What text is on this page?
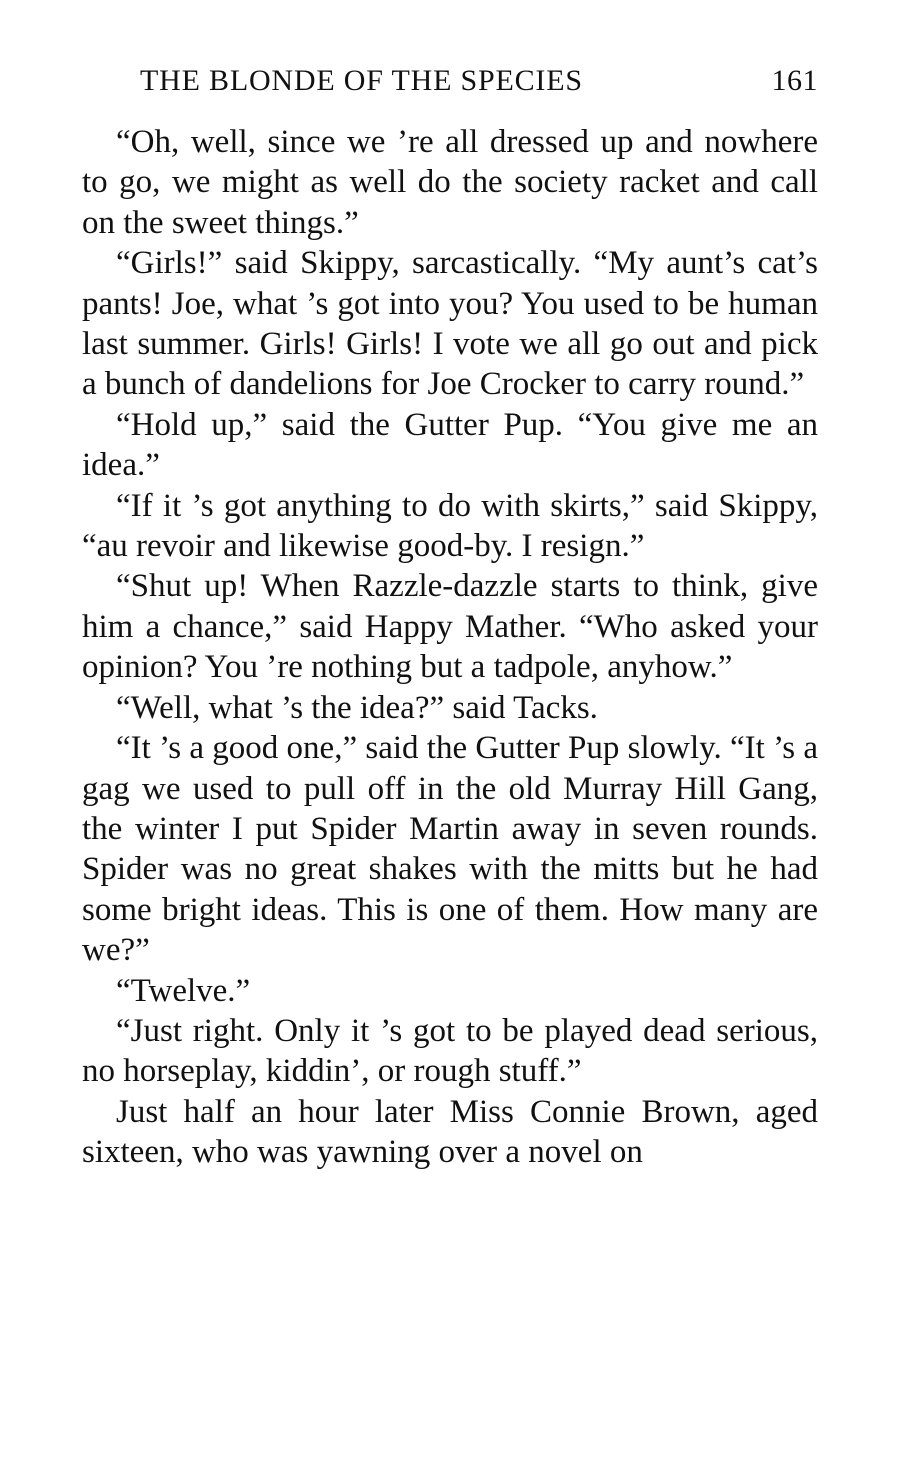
THE BLONDE OF THE SPECIES	161

“Oh, well, since we ’re all dressed up and nowhere to go, we might as well do the society racket and call on the sweet things.”

“Girls!” said Skippy, sarcastically. “My aunt’s cat’s pants! Joe, what ’s got into you? You used to be human last summer. Girls! Girls! I vote we all go out and pick a bunch of dandelions for Joe Crocker to carry round.”

“Hold up,” said the Gutter Pup. “You give me an idea.”

“If it ’s got anything to do with skirts,” said Skippy, “au revoir and likewise good-by. I resign.”

“Shut up! When Razzle-dazzle starts to think, give him a chance,” said Happy Mather. “Who asked your opinion? You ’re nothing but a tadpole, anyhow.”

“Well, what ’s the idea?” said Tacks.

“It ’s a good one,” said the Gutter Pup slowly. “It ’s a gag we used to pull off in the old Murray Hill Gang, the winter I put Spider Martin away in seven rounds. Spider was no great shakes with the mitts but he had some bright ideas. This is one of them. How many are we?”

“Twelve.”

“Just right. Only it ’s got to be played dead serious, no horseplay, kiddin’, or rough stuff.”

Just half an hour later Miss Connie Brown, aged sixteen, who was yawning over a novel on
